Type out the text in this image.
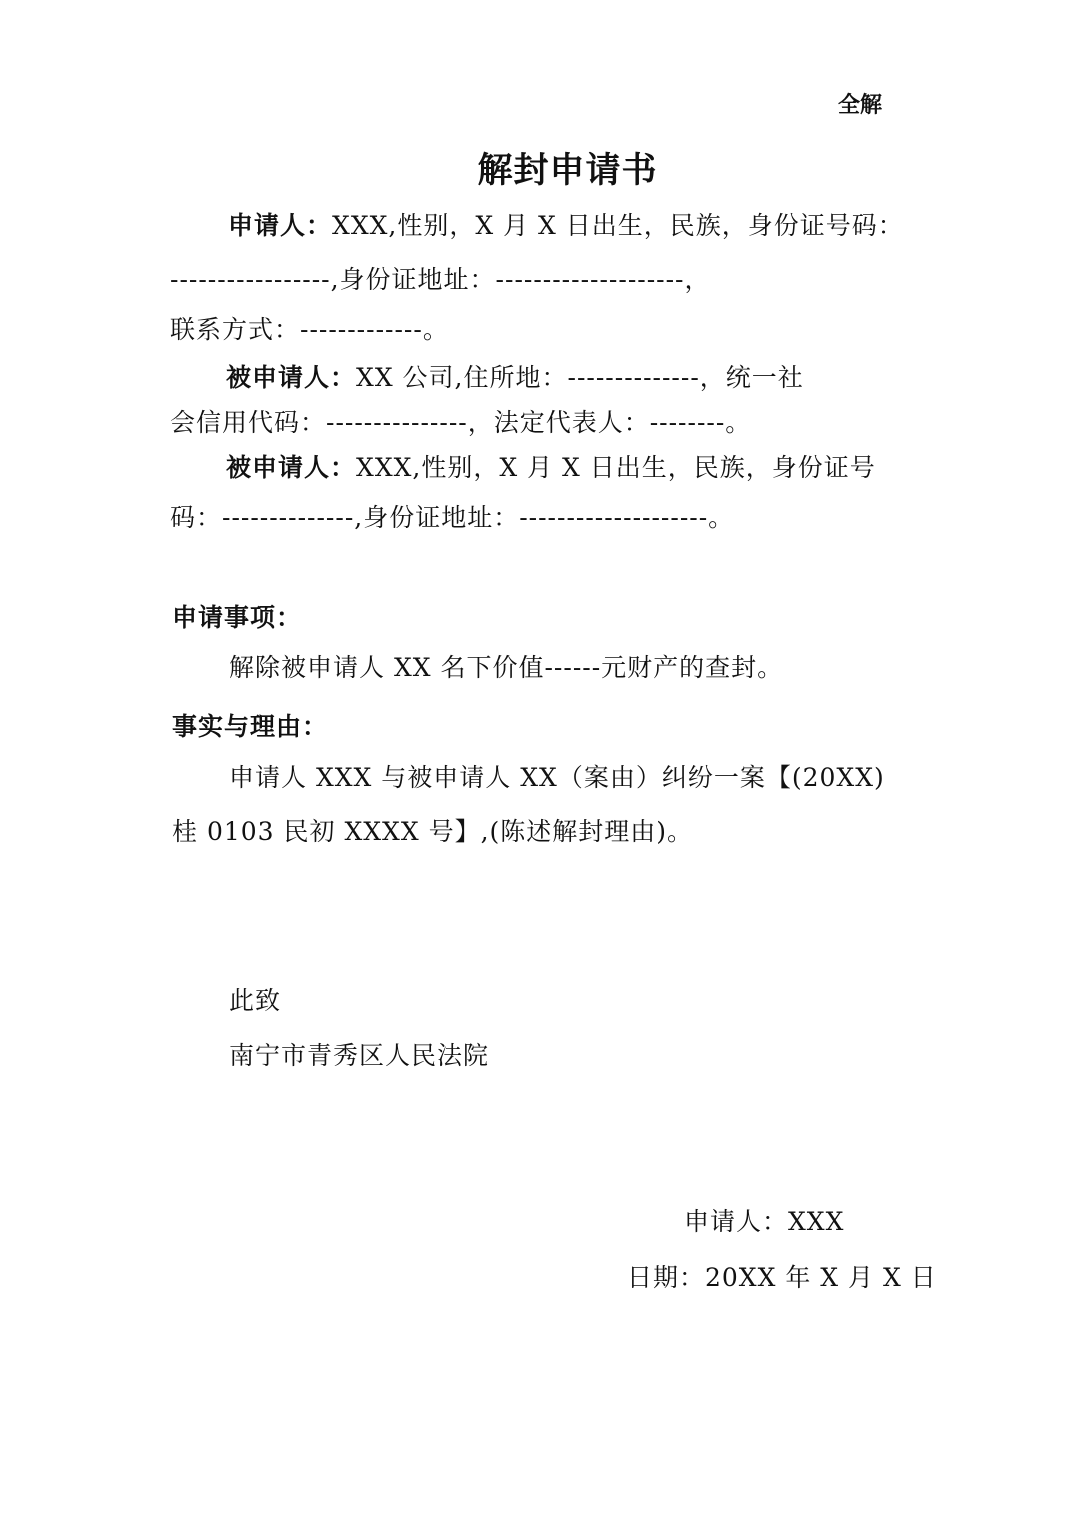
全解
解封申请书
申请人：XXX,性别，X 月 X 日出生，民族，身份证号码：
-----------------,身份证地址：--------------------，
联系方式：-------------。
被申请人：XX 公司,住所地：--------------，统一社
会信用代码：---------------，法定代表人：--------。
被申请人：XXX,性别，X 月 X 日出生，民族，身份证号
码：--------------,身份证地址：--------------------。
申请事项：
解除被申请人 XX 名下价值------元财产的查封。
事实与理由：
申请人 XXX 与被申请人 XX（案由）纠纷一案【(20XX)
桂 0103 民初 XXXX 号】,(陈述解封理由)。
此致
南宁市青秀区人民法院
申请人：XXX
日期：20XX 年 X 月 X 日
